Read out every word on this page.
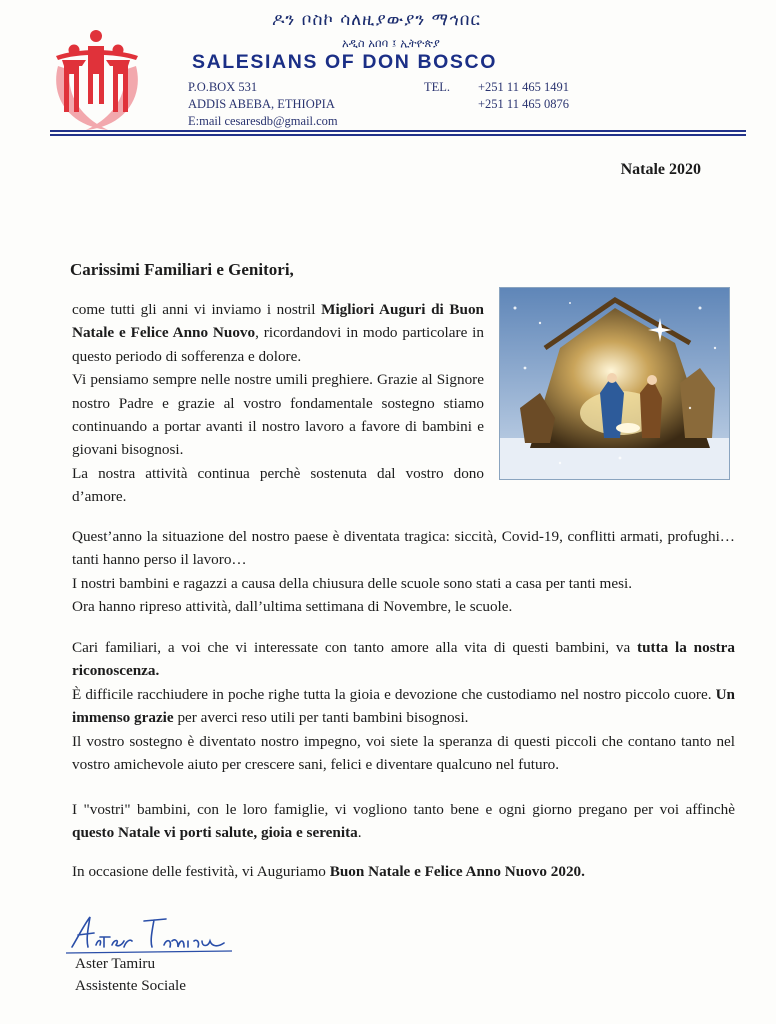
ዶን ቦስኮ ሳለዚያውያን ማኅበር
አዲስ አበባ ፤ ኢትዮጵያ
SALESIANS OF DON BOSCO
P.O.BOX 531
ADDIS ABEBA, ETHIOPIA
E:mail cesaresdb@gmail.com
TEL. +251 11 465 1491
+251 11 465 0876
Natale 2020
Carissimi Familiari e Genitori,

come tutti gli anni vi inviamo i nostril Migliori Auguri di Buon Natale e Felice Anno Nuovo, ricordandovi in modo particolare in questo periodo di sofferenza e dolore.

Vi pensiamo sempre nelle nostre umili preghiere. Grazie al Signore nostro Padre e grazie al vostro fondamentale sostegno stiamo continuando a portar avanti il nostro lavoro a favore di bambini e giovani bisognosi.

La nostra attività continua perchè sostenuta dal vostro dono d’amore.

Quest’anno la situazione del nostro paese è diventata tragica: siccità, Covid-19, conflitti armati, profughi… tanti hanno perso il lavoro…

I nostri bambini e ragazzi a causa della chiusura delle scuole sono stati a casa per tanti mesi.

Ora hanno ripreso attività, dall’ultima settimana di Novembre, le scuole.

Cari familiari, a voi che vi interessate con tanto amore alla vita di questi bambini, va tutta la nostra riconoscenza.

È difficile racchiudere in poche righe tutta la gioia e devozione che custodiamo nel nostro piccolo cuore. Un immenso grazie per averci reso utili per tanti bambini bisognosi.

Il vostro sostegno è diventato nostro impegno, voi siete la speranza di questi piccoli che contano tanto nel vostro amichevole aiuto per crescere sani, felici e diventare qualcuno nel futuro.

I "vostri" bambini, con le loro famiglie, vi vogliono tanto bene e ogni giorno pregano per voi affinchè questo Natale vi porti salute, gioia e serenita.

In occasione delle festività, vi Auguriamo Buon Natale e Felice Anno Nuovo 2020.

Aster Tamiru
Assistente Sociale
